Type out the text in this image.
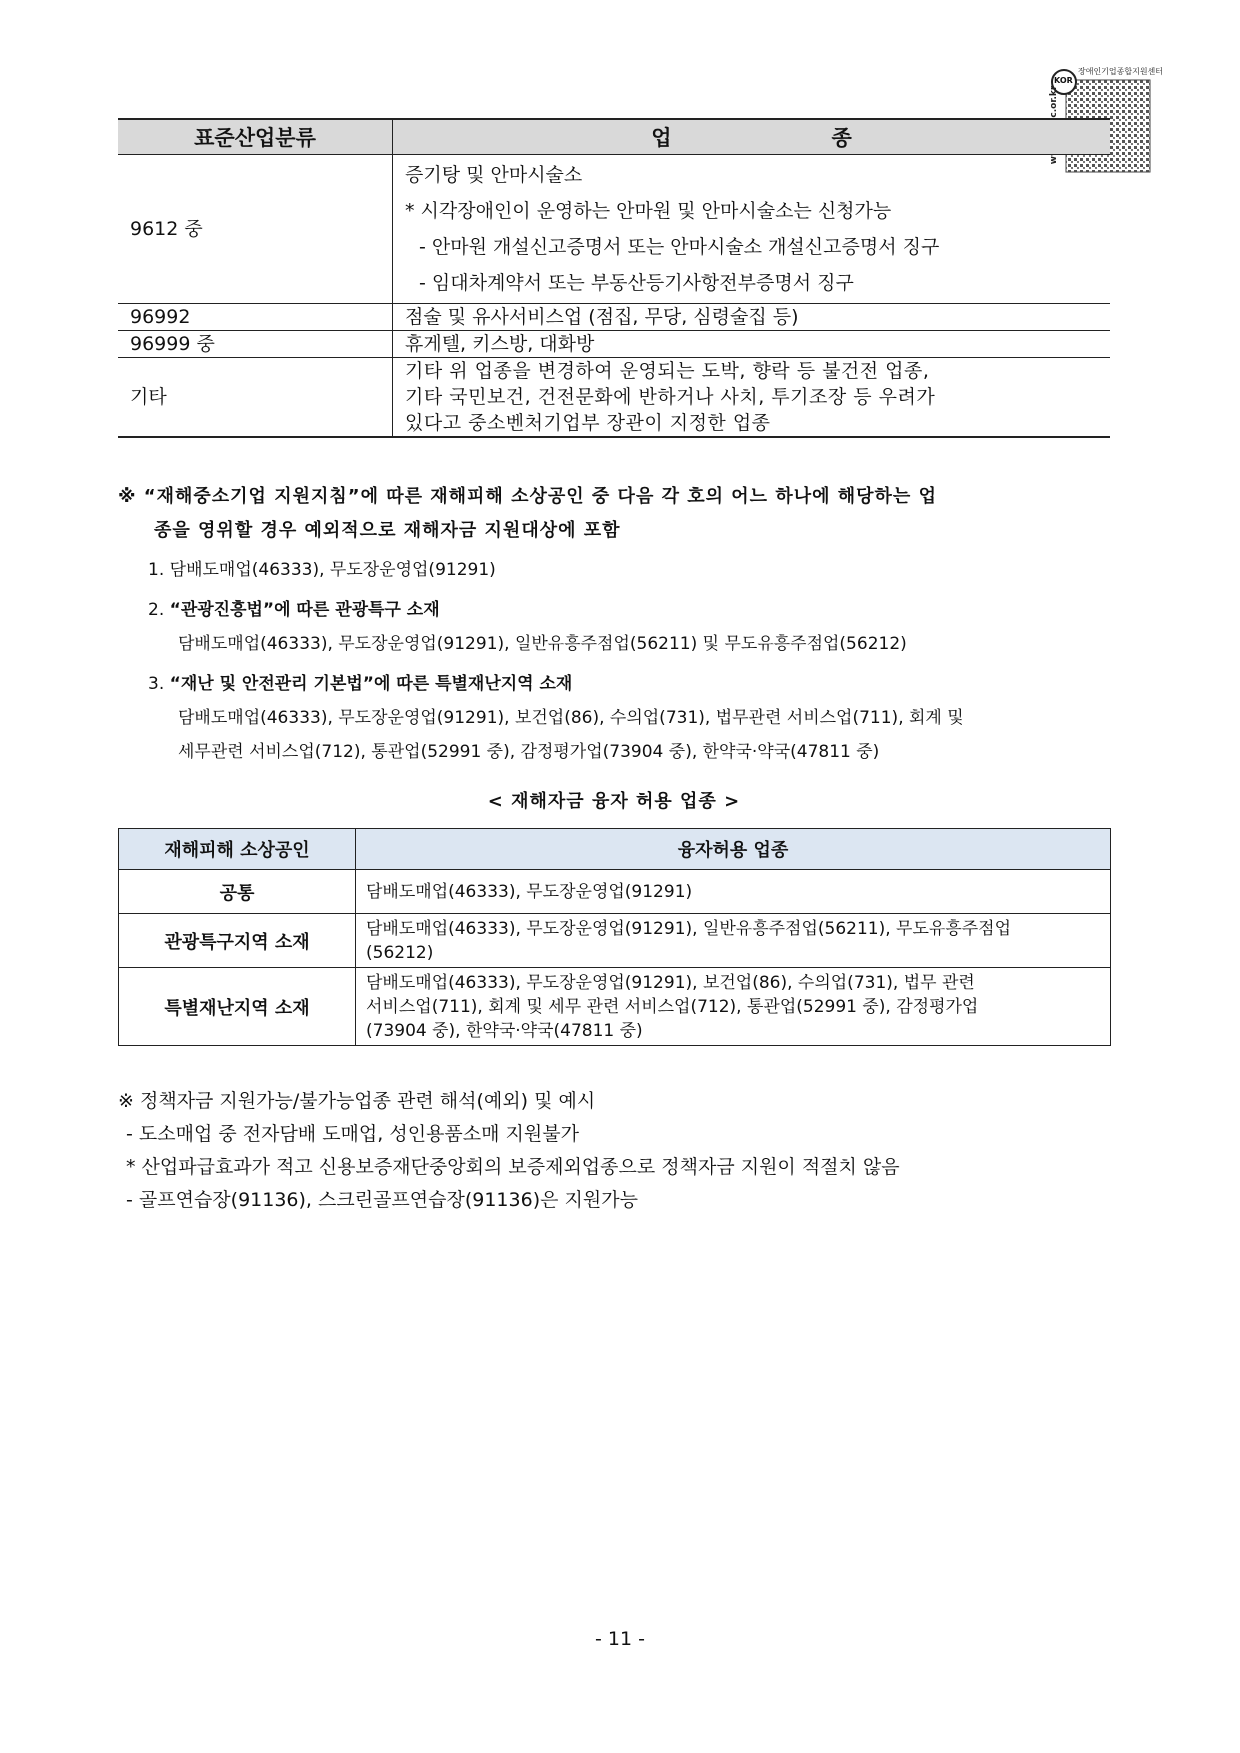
KOR
장애인기업종합지원센터
표준산업분류	업 종
9612 중	증기탕 및 안마시술소
* 시각장애인이 운영하는 안마원 및 안마시술소는 신청가능
- 안마원 개설신고증명서 또는 안마시술소 개설신고증명서 징구
- 임대차계약서 또는 부동산등기사항전부증명서 징구

96992	점술 및 유사서비스업 (점집, 무당, 심령술집 등)
96999 중	휴게텔, 키스방, 대화방
기타	기타 위 업종을 변경하여 운영되는 도박, 향락 등 불건전 업종,
기타 국민보건, 건전문화에 반하거나 사치, 투기조장 등 우려가
있다고 중소벤처기업부 장관이 지정한 업종
※ “재해중소기업 지원지침”에 따른 재해피해 소상공인 중 다음 각 호의 어느 하나에 해당하는 업
종을 영위할 경우 예외적으로 재해자금 지원대상에 포함
1. 담배도매업(46333), 무도장운영업(91291)
2. “관광진흥법”에 따른 관광특구 소재
담배도매업(46333), 무도장운영업(91291), 일반유흥주점업(56211) 및 무도유흥주점업(56212)
3. “재난 및 안전관리 기본법”에 따른 특별재난지역 소재
담배도매업(46333), 무도장운영업(91291), 보건업(86), 수의업(731), 법무관련 서비스업(711), 회계 및
세무관련 서비스업(712), 통관업(52991 중), 감정평가업(73904 중), 한약국·약국(47811 중)
< 재해자금 융자 허용 업종 >
재해피해 소상공인	융자허용 업종
공통	담배도매업(46333), 무도장운영업(91291)

관광특구지역 소재	담배도매업(46333), 무도장운영업(91291), 일반유흥주점업(56211), 무도유흥주점업
(56212)

특별재난지역 소재	담배도매업(46333), 무도장운영업(91291), 보건업(86), 수의업(731), 법무 관련
서비스업(711), 회계 및 세무 관련 서비스업(712), 통관업(52991 중), 감정평가업
(73904 중), 한약국·약국(47811 중)
※ 정책자금 지원가능/불가능업종 관련 해석(예외) 및 예시
- 도소매업 중 전자담배 도매업, 성인용품소매 지원불가
* 산업파급효과가 적고 신용보증재단중앙회의 보증제외업종으로 정책자금 지원이 적절치 않음
- 골프연습장(91136), 스크린골프연습장(91136)은 지원가능
- 11 -
